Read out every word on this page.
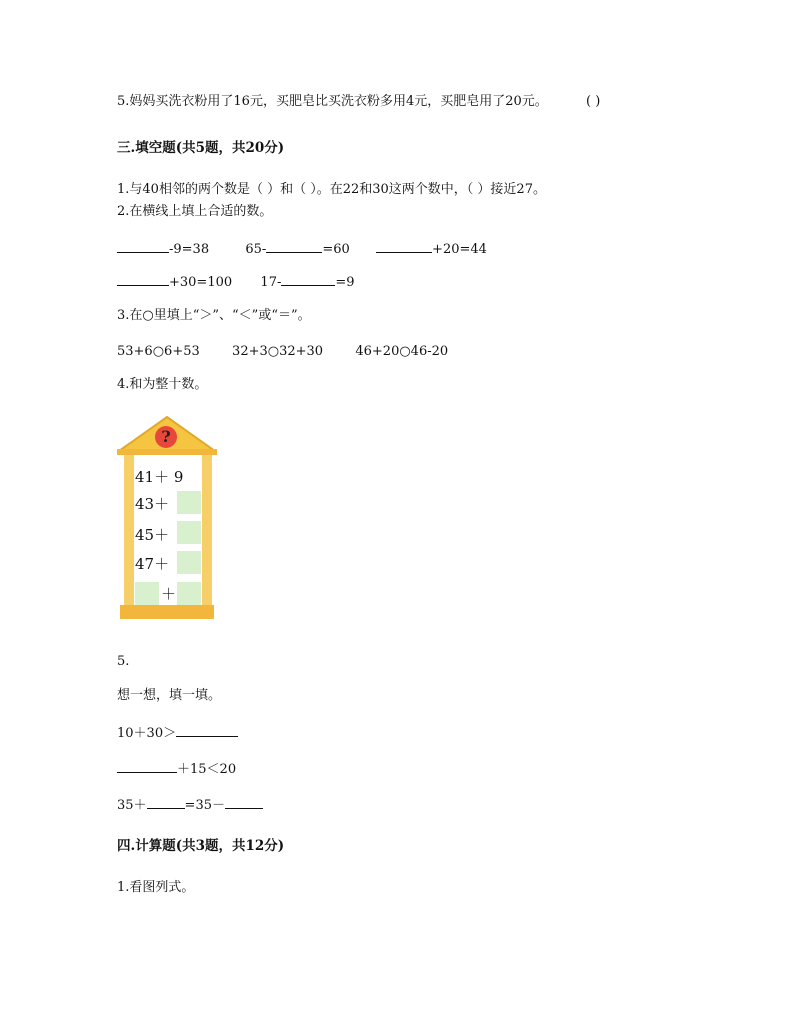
5.妈妈买洗衣粉用了16元，买肥皂比买洗衣粉多用4元，买肥皂用了20元。	( )
三.填空题(共5题，共20分)
1.与40相邻的两个数是（ ）和（ ）。在22和30这两个数中，（ ）接近27。
2.在横线上填上合适的数。
-9=38	65-	=60	+20=44
+30=100 17-	=9
3.在○里填上“＞”、“＜”或“＝”。
53+6○6+53 32+3○32+30 46+20○46-20
4.和为整十数。
?
41＋ 9
43＋
45＋
47＋
＋
5.
想一想，填一填。
10＋30＞
＋15＜20
35＋	=35－
四.计算题(共3题，共12分)
1.看图列式。
